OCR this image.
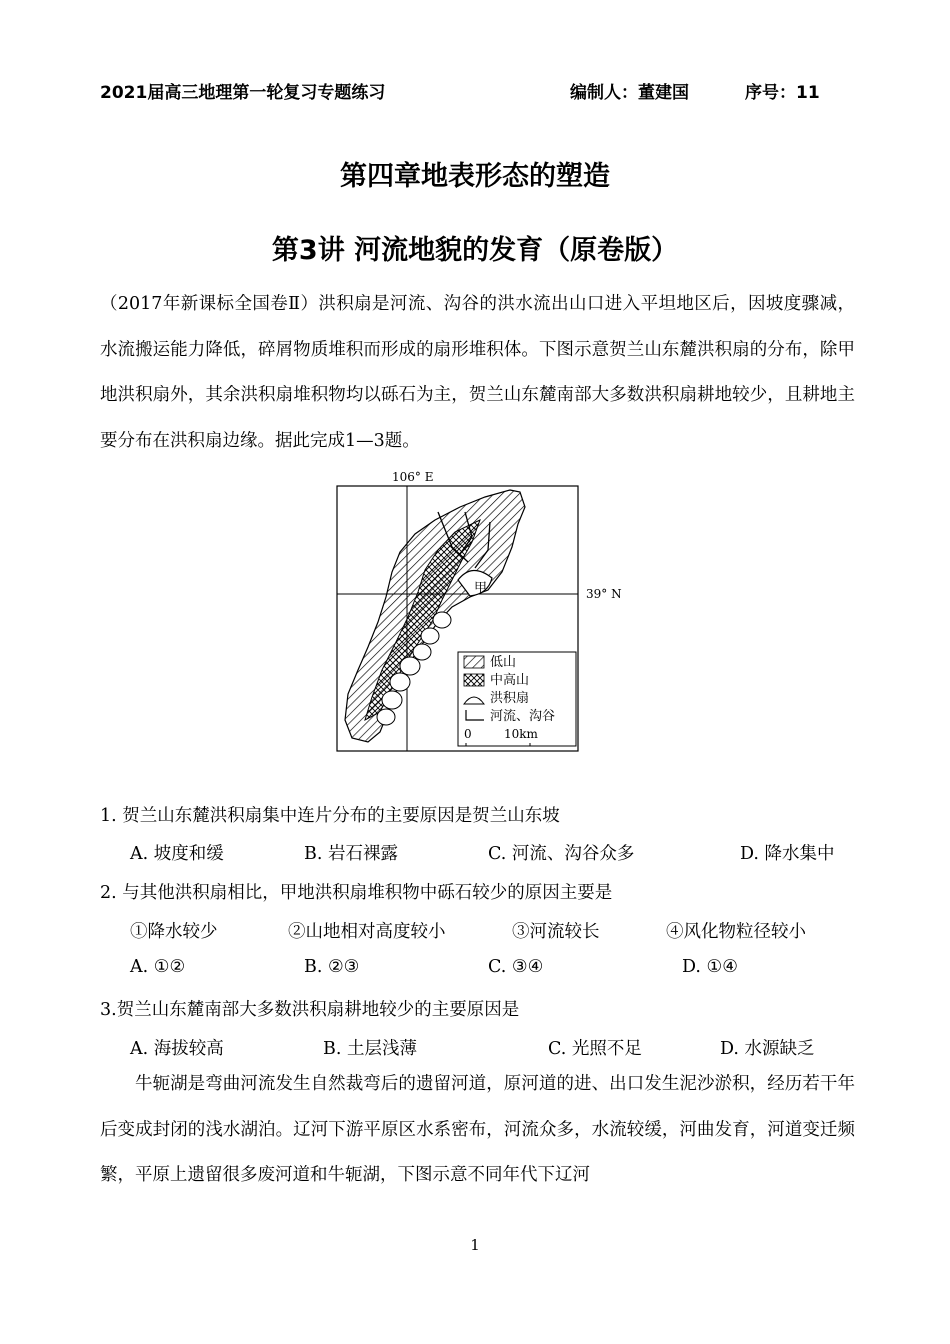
2021届高三地理第一轮复习专题练习	编制人：董建国	序号：11
第四章地表形态的塑造
第3讲 河流地貌的发育（原卷版）
（2017年新课标全国卷Ⅱ）洪积扇是河流、沟谷的洪水流出山口进入平坦地区后，因坡度骤减，水流搬运能力降低，碎屑物质堆积而形成的扇形堆积体。下图示意贺兰山东麓洪积扇的分布，除甲地洪积扇外，其余洪积扇堆积物均以砾石为主，贺兰山东麓南部大多数洪积扇耕地较少，且耕地主要分布在洪积扇边缘。据此完成1—3题。
106° E
39° N
甲
低山
中高山
洪积扇
河流、沟谷
0	10km
1. 贺兰山东麓洪积扇集中连片分布的主要原因是贺兰山东坡
A. 坡度和缓	B. 岩石裸露	C. 河流、沟谷众多	D. 降水集中
2. 与其他洪积扇相比，甲地洪积扇堆积物中砾石较少的原因主要是
①降水较少	②山地相对高度较小	③河流较长	④风化物粒径较小
A. ①②	B. ②③	C. ③④	D. ①④
3.贺兰山东麓南部大多数洪积扇耕地较少的主要原因是
A. 海拔较高	B. 土层浅薄	C. 光照不足	D. 水源缺乏
牛轭湖是弯曲河流发生自然裁弯后的遗留河道，原河道的进、出口发生泥沙淤积，经历若干年后变成封闭的浅水湖泊。辽河下游平原区水系密布，河流众多，水流较缓，河曲发育，河道变迁频繁，平原上遗留很多废河道和牛轭湖，下图示意不同年代下辽河
1
